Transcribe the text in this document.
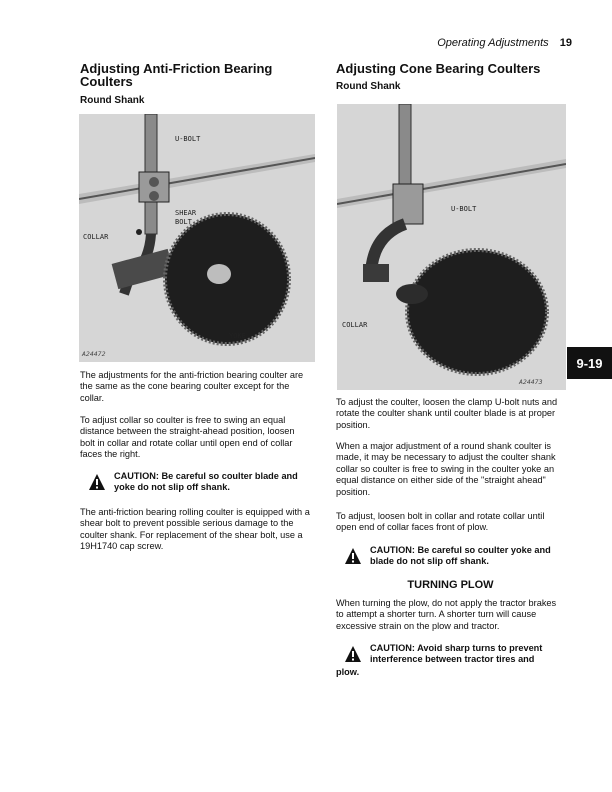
Operating Adjustments 19
9-19
Adjusting Anti-Friction Bearing Coulters
Round Shank
U-BOLT
SHEAR
BOLT
COLLAR
YOKE
A24472

The adjustments for the anti-friction bearing coulter are the same as the cone bearing coulter except for the collar.

To adjust collar so coulter is free to swing an equal distance between the straight-ahead position, loosen bolt in collar and rotate collar until open end of collar faces the right.

CAUTION: Be careful so coulter blade and yoke do not slip off shank.

The anti-friction bearing rolling coulter is equipped with a shear bolt to prevent possible serious damage to the coulter shank. For replacement of the shear bolt, use a 19H1740 cap screw.

Adjusting Cone Bearing Coulters
Round Shank
U-BOLT
COLLAR
A24473

To adjust the coulter, loosen the clamp U-bolt nuts and rotate the coulter shank until coulter blade is at proper position.

When a major adjustment of a round shank coulter is made, it may be necessary to adjust the coulter shank collar so coulter is free to swing in the coulter yoke an equal distance on either side of the "straight ahead" position.

To adjust, loosen bolt in collar and rotate collar until open end of collar faces front of plow.

CAUTION: Be careful so coulter yoke and blade do not slip off shank.
TURNING PLOW

When turning the plow, do not apply the tractor brakes to attempt a shorter turn. A shorter turn will cause excessive strain on the plow and tractor.

CAUTION: Avoid sharp turns to prevent interference between tractor tires and
plow.
